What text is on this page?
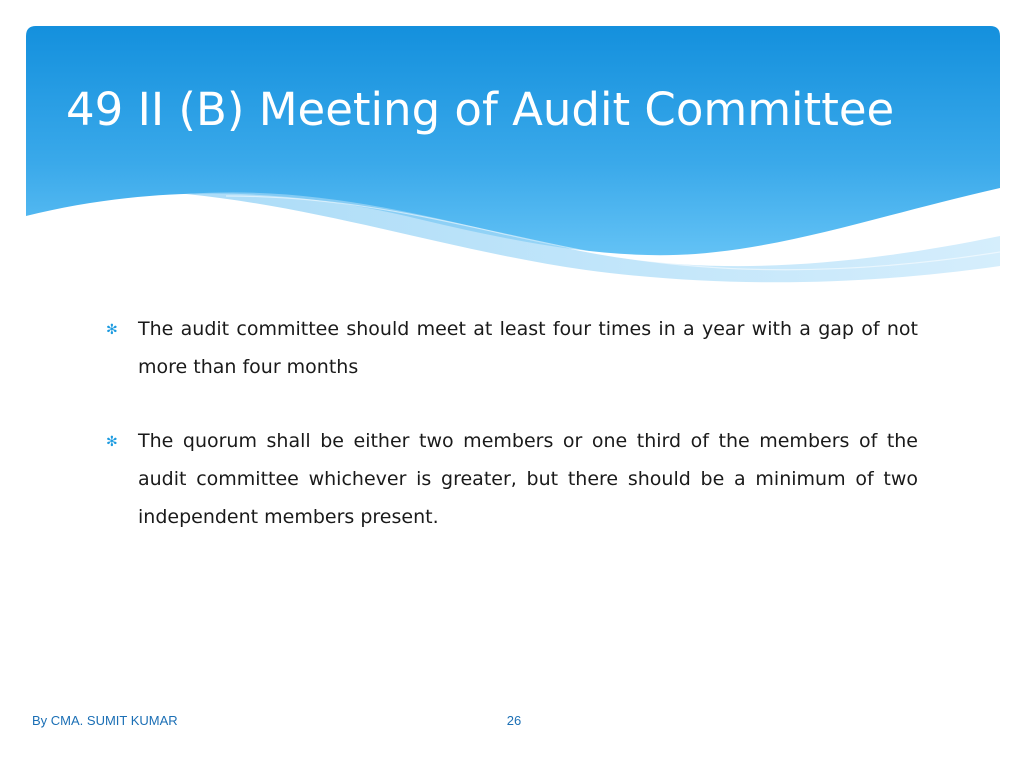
49 II (B) Meeting of Audit Committee
✻ The audit committee should meet at least four times in a year with a gap of not more than four months
✻ The quorum shall be either two members or one third of the members of the audit committee whichever is greater, but there should be a minimum of two independent members present.
By CMA. SUMIT KUMAR	26
